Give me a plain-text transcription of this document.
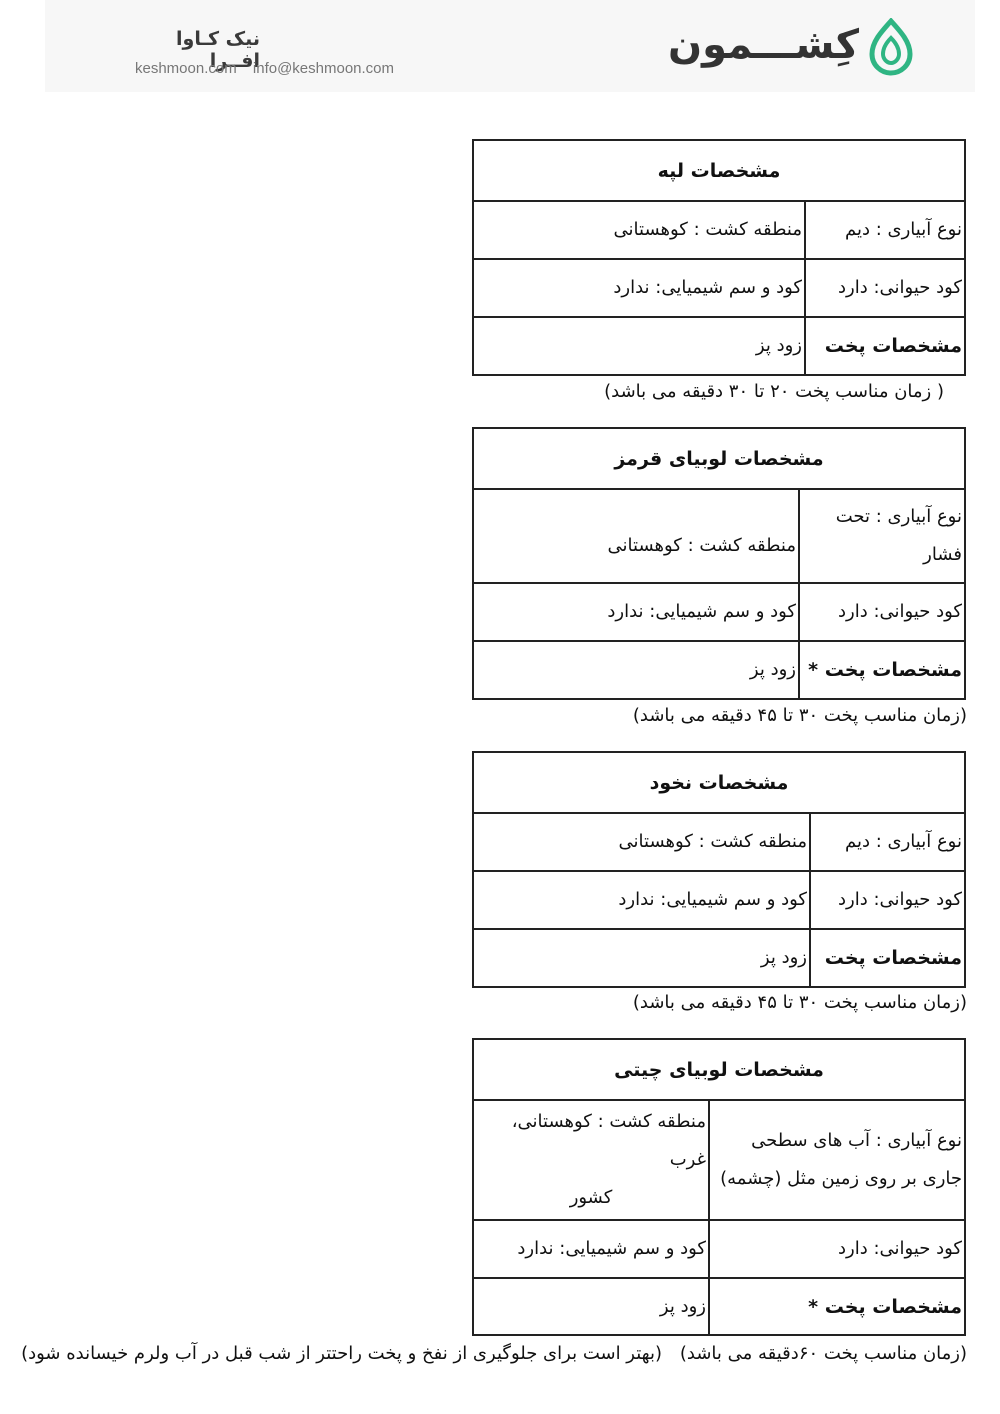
نیک کـاوا افــرا
keshmoon.com info@keshmoon.com
کِشـــمون
مشخصات لپه
نوع آبیاری : دیم
منطقه کشت : کوهستانی
کود حیوانی: دارد
کود و سم شیمیایی: ندارد
مشخصات پخت
زود پز
( زمان مناسب پخت ۲۰ تا ۳۰ دقیقه می باشد)
مشخصات لوبیای قرمز
نوع آبیاری : تحت
فشار
منطقه کشت : کوهستانی
کود حیوانی: دارد
کود و سم شیمیایی: ندارد
مشخصات پخت *
زود پز
(زمان مناسب پخت ۳۰ تا ۴۵ دقیقه می باشد)
مشخصات نخود
نوع آبیاری : دیم
منطقه کشت : کوهستانی
کود حیوانی: دارد
کود و سم شیمیایی: ندارد
مشخصات پخت
زود پز
(زمان مناسب پخت ۳۰ تا ۴۵ دقیقه می باشد)
مشخصات لوبیای چیتی
نوع آبیاری : آب های سطحی
جاری بر روی زمین مثل (چشمه)
منطقه کشت : کوهستانی، غرب
کشور
کود حیوانی: دارد
کود و سم شیمیایی: ندارد
مشخصات پخت *
زود پز
(زمان مناسب پخت ۶۰دقیقه می باشد)
(بهتر است برای جلوگیری از نفخ و پخت راحتتر از شب قبل در آب ولرم خیسانده شود)
